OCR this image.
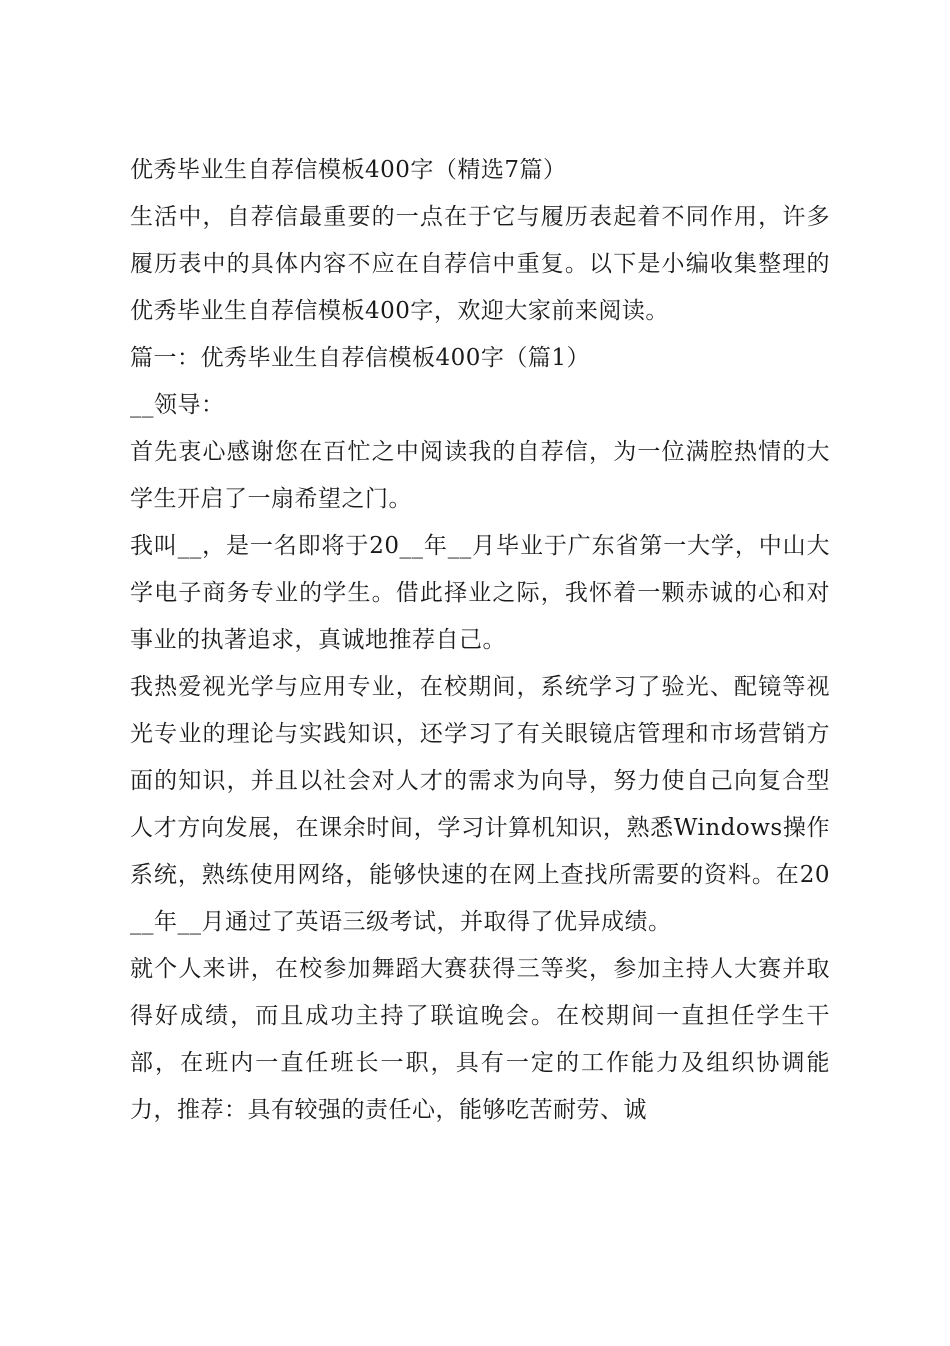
优秀毕业生自荐信模板400字（精选7篇）

生活中，自荐信最重要的一点在于它与履历表起着不同作用，许多履历表中的具体内容不应在自荐信中重复。以下是小编收集整理的优秀毕业生自荐信模板400字，欢迎大家前来阅读。

篇一：优秀毕业生自荐信模板400字（篇1）

__领导：

首先衷心感谢您在百忙之中阅读我的自荐信，为一位满腔热情的大学生开启了一扇希望之门。

我叫__，是一名即将于20__年__月毕业于广东省第一大学，中山大学电子商务专业的学生。借此择业之际，我怀着一颗赤诚的心和对事业的执著追求，真诚地推荐自己。

我热爱视光学与应用专业，在校期间，系统学习了验光、配镜等视光专业的理论与实践知识，还学习了有关眼镜店管理和市场营销方面的知识，并且以社会对人才的需求为向导，努力使自己向复合型人才方向发展，在课余时间，学习计算机知识，熟悉Windows操作系统，熟练使用网络，能够快速的在网上查找所需要的资料。在20__年__月通过了英语三级考试，并取得了优异成绩。

就个人来讲，在校参加舞蹈大赛获得三等奖，参加主持人大赛并取得好成绩，而且成功主持了联谊晚会。在校期间一直担任学生干部，在班内一直任班长一职，具有一定的工作能力及组织协调能力，推荐：具有较强的责任心，能够吃苦耐劳、诚
